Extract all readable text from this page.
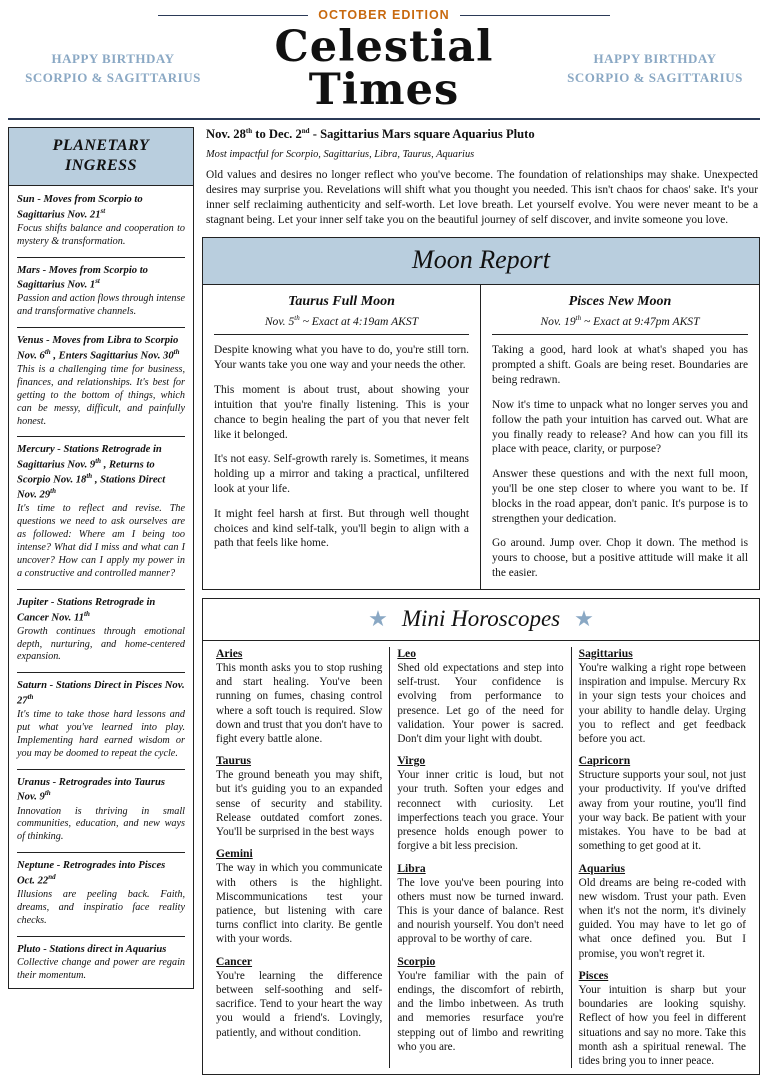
OCTOBER EDITION
HAPPY BIRTHDAY
SCORPIO & SAGITTARIUS
Celestial Times
HAPPY BIRTHDAY
SCORPIO & SAGITTARIUS
PLANETARY
INGRESS
Sun - Moves from Scorpio to Sagittarius Nov. 21st
Focus shifts balance and cooperation to mystery & transformation.
Mars - Moves from Scorpio to Sagittarius Nov. 1st
Passion and action flows through intense and transformative channels.
Venus - Moves from Libra to Scorpio Nov. 6th , Enters Sagittarius Nov. 30th
This is a challenging time for business, finances, and relationships. It's best for getting to the bottom of things, which can be messy, difficult, and painfully honest.
Mercury - Stations Retrograde in Sagittarius Nov. 9th , Returns to Scorpio Nov. 18th , Stations Direct Nov. 29th
It's time to reflect and revise. The questions we need to ask ourselves are as followed: Where am I being too intense? What did I miss and what can I uncover? How can I apply my power in a constructive and controlled manner?
Jupiter - Stations Retrograde in Cancer Nov. 11th
Growth continues through emotional depth, nurturing, and home-centered expansion.
Saturn - Stations Direct in Pisces Nov. 27th
It's time to take those hard lessons and put what you've learned into play. Implementing hard earned wisdom or you may be doomed to repeat the cycle.
Uranus - Retrogrades into Taurus Nov. 9th
Innovation is thriving in small communities, education, and new ways of thinking.
Neptune - Retrogrades into Pisces Oct. 22nd
Illusions are peeling back. Faith, dreams, and inspiratio face reality checks.
Pluto - Stations direct in Aquarius
Collective change and power are regain their momentum.
Nov. 28th to Dec. 2nd - Sagittarius Mars square Aquarius Pluto
Most impactful for Scorpio, Sagittarius, Libra, Taurus, Aquarius

Old values and desires no longer reflect who you've become. The foundation of relationships may shake. Unexpected desires may surprise you. Revelations will shift what you thought you needed. This isn't chaos for chaos' sake. It's your inner self reclaiming authenticity and self-worth. Let love breath. Let yourself evolve. You were never meant to be a stagnant being. Let your inner self take you on the beautiful journey of self discover, and invite someone you love.

Moon Report
Taurus Full Moon
Nov. 5th ~ Exact at 4:19am AKST

Despite knowing what you have to do, you're still torn. Your wants take you one way and your needs the other.

This moment is about trust, about showing your intuition that you're finally listening. This is your chance to begin healing the part of you that never felt like it belonged.

It's not easy. Self-growth rarely is. Sometimes, it means holding up a mirror and taking a practical, unfiltered look at your life.

It might feel harsh at first. But through well thought choices and kind self-talk, you'll begin to align with a path that feels like home.

Pisces New Moon
Nov. 19th ~ Exact at 9:47pm AKST

Taking a good, hard look at what's shaped you has prompted a shift. Goals are being reset. Boundaries are being redrawn.

Now it's time to unpack what no longer serves you and follow the path your intuition has carved out. What are you finally ready to release? And how can you fill its place with peace, clarity, or purpose?

Answer these questions and with the next full moon, you'll be one step closer to where you want to be. If blocks in the road appear, don't panic. It's purpose is to strengthen your dedication.

Go around. Jump over. Chop it down. The method is yours to choose, but a positive attitude will make it all the easier.

★ Mini Horoscopes ★
Aries
This month asks you to stop rushing and start healing. You've been running on fumes, chasing control where a soft touch is required. Slow down and trust that you don't have to fight every battle alone.
Taurus
The ground beneath you may shift, but it's guiding you to an expanded sense of security and stability. Release outdated comfort zones. You'll be surprised in the best ways
Gemini
The way in which you communicate with others is the highlight. Miscommunications test your patience, but listening with care turns conflict into clarity. Be gentle with your words.
Cancer
You're learning the difference between self-soothing and self-sacrifice. Tend to your heart the way you would a friend's. Lovingly, patiently, and without condition.
Leo
Shed old expectations and step into self-trust. Your confidence is evolving from performance to presence. Let go of the need for validation. Your power is sacred. Don't dim your light with doubt.
Virgo
Your inner critic is loud, but not your truth. Soften your edges and reconnect with curiosity. Let imperfections teach you grace. Your presence holds enough power to forgive a bit less precision.
Libra
The love you've been pouring into others must now be turned inward. This is your dance of balance. Rest and nourish yourself. You don't need approval to be worthy of care.
Scorpio
You're familiar with the pain of endings, the discomfort of rebirth, and the limbo inbetween. As truth and memories resurface you're stepping out of limbo and rewriting who you are.
Sagittarius
You're walking a right rope between inspiration and impulse. Mercury Rx in your sign tests your choices and your ability to handle delay. Urging you to reflect and get feedback before you act.
Capricorn
Structure supports your soul, not just your productivity. If you've drifted away from your routine, you'll find your way back. Be patient with your mistakes. You have to be bad at something to get good at it.
Aquarius
Old dreams are being re-coded with new wisdom. Trust your path. Even when it's not the norm, it's divinely guided. You may have to let go of what once defined you. But I promise, you won't regret it.
Pisces
Your intuition is sharp but your boundaries are looking squishy. Reflect of how you feel in different situations and say no more. Take this month ash a spiritual renewal. The tides bring you to inner peace.
